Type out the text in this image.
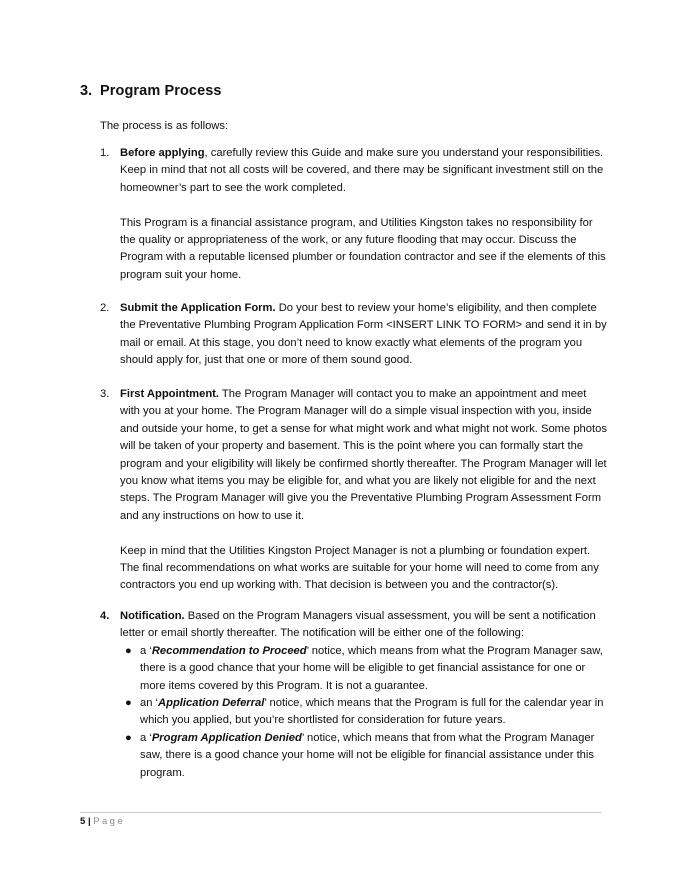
3. Program Process
The process is as follows:
1. Before applying, carefully review this Guide and make sure you understand your responsibilities. Keep in mind that not all costs will be covered, and there may be significant investment still on the homeowner’s part to see the work completed.

This Program is a financial assistance program, and Utilities Kingston takes no responsibility for the quality or appropriateness of the work, or any future flooding that may occur. Discuss the Program with a reputable licensed plumber or foundation contractor and see if the elements of this program suit your home.

2. Submit the Application Form. Do your best to review your home’s eligibility, and then complete the Preventative Plumbing Program Application Form <INSERT LINK TO FORM> and send it in by mail or email. At this stage, you don’t need to know exactly what elements of the program you should apply for, just that one or more of them sound good.

3. First Appointment. The Program Manager will contact you to make an appointment and meet with you at your home. The Program Manager will do a simple visual inspection with you, inside and outside your home, to get a sense for what might work and what might not work. Some photos will be taken of your property and basement. This is the point where you can formally start the program and your eligibility will likely be confirmed shortly thereafter. The Program Manager will let you know what items you may be eligible for, and what you are likely not eligible for and the next steps. The Program Manager will give you the Preventative Plumbing Program Assessment Form and any instructions on how to use it.

Keep in mind that the Utilities Kingston Project Manager is not a plumbing or foundation expert. The final recommendations on what works are suitable for your home will need to come from any contractors you end up working with. That decision is between you and the contractor(s).

4. Notification. Based on the Program Managers visual assessment, you will be sent a notification letter or email shortly thereafter. The notification will be either one of the following:

● a ‘Recommendation to Proceed’ notice, which means from what the Program Manager saw, there is a good chance that your home will be eligible to get financial assistance for one or more items covered by this Program. It is not a guarantee.
● an ‘Application Deferral’ notice, which means that the Program is full for the calendar year in which you applied, but you’re shortlisted for consideration for future years.
● a ‘Program Application Denied’ notice, which means that from what the Program Manager saw, there is a good chance your home will not be eligible for financial assistance under this program.
5 | Page
